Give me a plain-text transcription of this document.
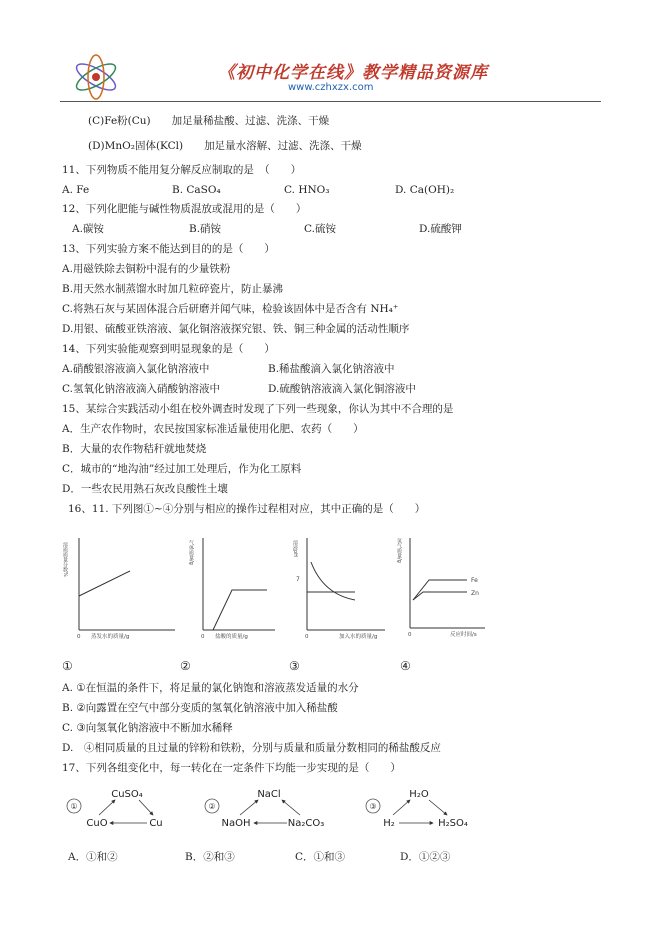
《初中化学在线》教学精品资源库
www.czhxzx.com
(C)Fe粉(Cu)　　加足量稀盐酸、过滤、洗涤、干燥
(D)MnO₂固体(KCl)　　加足量水溶解、过滤、洗涤、干燥
11、下列物质不能用复分解反应制取的是　（　　）
A. Fe	B. CaSO₄	C. HNO₃	D. Ca(OH)₂
12、下列化肥能与碱性物质混放或混用的是（　　）
A.碳铵	B.硝铵	C.硫铵	D.硫酸钾
13、下列实验方案不能达到目的的是（　　）
A.用磁铁除去铜粉中混有的少量铁粉
B.用天然水制蒸馏水时加几粒碎瓷片，防止暴沸
C.将熟石灰与某固体混合后研磨并闻气味，检验该固体中是否含有 NH₄⁺
D.用银、硫酸亚铁溶液、氯化铜溶液探究银、铁、铜三种金属的活动性顺序
14、下列实验能观察到明显现象的是（　　）
A.硝酸银溶液滴入氯化钠溶液中	B.稀盐酸滴入氯化钠溶液中
C.氢氧化钠溶液滴入硝酸钠溶液中	D.硫酸钠溶液滴入氯化铜溶液中
15、某综合实践活动小组在校外调查时发现了下列一些现象，你认为其中不合理的是
A．生产农作物时，农民按国家标准适量使用化肥、农药（　　）
B．大量的农作物秸秆就地焚烧
C．城市的“地沟油”经过加工处理后，作为化工原料
D．一些农民用熟石灰改良酸性土壤
16、11. 下列图①~④分别与相应的操作过程相对应，其中正确的是（　　）
溶质质量分数%
蒸发水的质量/g
0
气体质量/g
盐酸的质量/g
0
溶液pH
7
加入水的质量/g
0
氢气质量/g
Fe
Zn
反应时间/s
0
①	②	③	④
A. ①在恒温的条件下，将足量的氯化钠饱和溶液蒸发适量的水分
B. ②向露置在空气中部分变质的氢氧化钠溶液中加入稀盐酸
C. ③向氢氧化钠溶液中不断加水稀释
D.　④相同质量的且过量的锌粉和铁粉，分别与质量和质量分数相同的稀盐酸反应
17、下列各组变化中，每一转化在一定条件下均能一步实现的是（　　）
①
CuSO₄
CuO	Cu
②
NaCl
NaOH	Na₂CO₃
③
H₂O
H₂	H₂SO₄
A．①和②	B．②和③	C．①和③	D．①②③
